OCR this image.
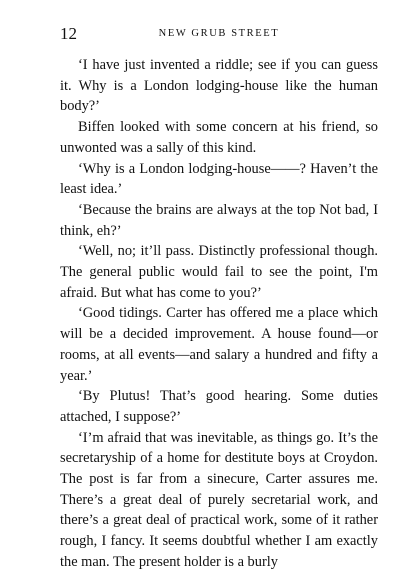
12	NEW GRUB STREET

‘I have just invented a riddle; see if you can guess it. Why is a London lodging-house like the human body?’

Biffen looked with some concern at his friend, so unwonted was a sally of this kind.

‘Why is a London lodging-house——? Haven’t the least idea.’

‘Because the brains are always at the top Not bad, I think, eh?’

‘Well, no; it’ll pass. Distinctly professional though. The general public would fail to see the point, I'm afraid. But what has come to you?’

‘Good tidings. Carter has offered me a place which will be a decided improvement. A house found—or rooms, at all events—and salary a hundred and fifty a year.’

‘By Plutus! That’s good hearing. Some duties attached, I suppose?’

‘I’m afraid that was inevitable, as things go. It’s the secretaryship of a home for destitute boys at Croydon. The post is far from a sinecure, Carter assures me. There’s a great deal of purely secretarial work, and there’s a great deal of practical work, some of it rather rough, I fancy. It seems doubtful whether I am exactly the man. The present holder is a burly
